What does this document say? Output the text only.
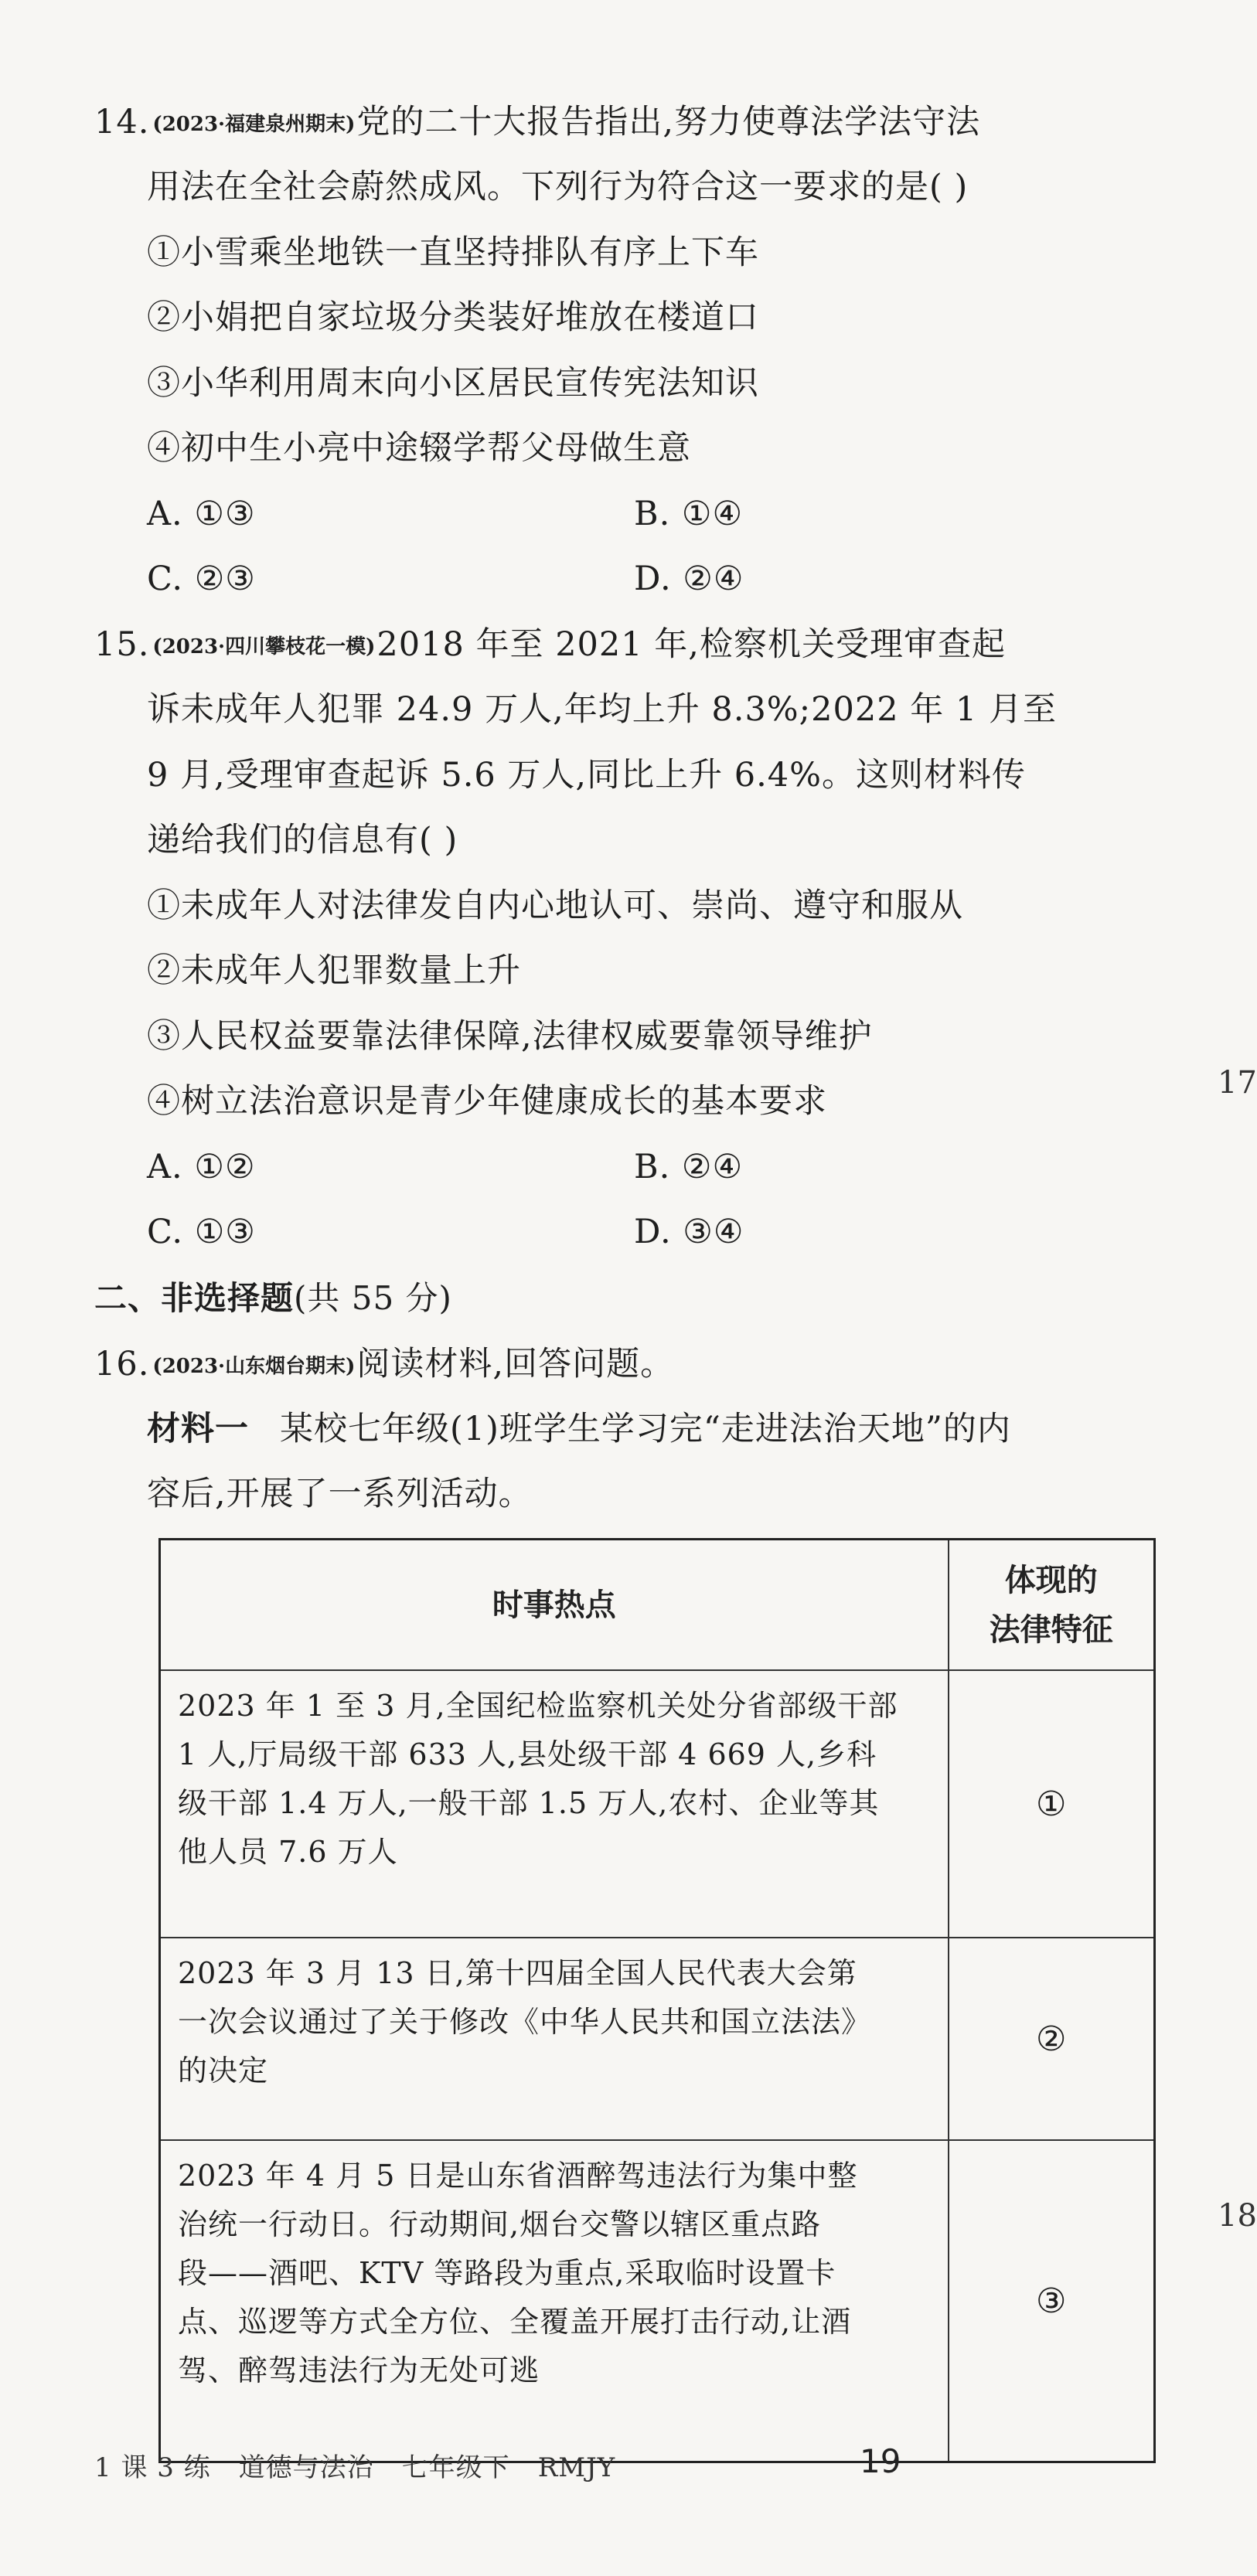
14. (2023·福建泉州期末)党的二十大报告指出,努力使尊法学法守法
用法在全社会蔚然成风。下列行为符合这一要求的是( )
①小雪乘坐地铁一直坚持排队有序上下车
②小娟把自家垃圾分类装好堆放在楼道口
③小华利用周末向小区居民宣传宪法知识
④初中生小亮中途辍学帮父母做生意
A. ①③	B. ①④
C. ②③	D. ②④
15. (2023·四川攀枝花一模)2018 年至 2021 年,检察机关受理审查起
诉未成年人犯罪 24.9 万人,年均上升 8.3%;2022 年 1 月至
9 月,受理审查起诉 5.6 万人,同比上升 6.4%。这则材料传
递给我们的信息有( )
①未成年人对法律发自内心地认可、崇尚、遵守和服从
②未成年人犯罪数量上升
③人民权益要靠法律保障,法律权威要靠领导维护
④树立法治意识是青少年健康成长的基本要求
A. ①②	B. ②④
C. ①③	D. ③④
二、非选择题(共 55 分)
16. (2023·山东烟台期末)阅读材料,回答问题。
材料一 某校七年级(1)班学生学习完“走进法治天地”的内
容后,开展了一系列活动。
时事热点	体现的
法律特征

2023 年 1 至 3 月,全国纪检监察机关处分省部级干部
1 人,厅局级干部 633 人,县处级干部 4 669 人,乡科
级干部 1.4 万人,一般干部 1.5 万人,农村、企业等其
他人员 7.6 万人	①

2023 年 3 月 13 日,第十四届全国人民代表大会第
一次会议通过了关于修改《中华人民共和国立法法》
的决定	②

2023 年 4 月 5 日是山东省酒醉驾违法行为集中整
治统一行动日。行动期间,烟台交警以辖区重点路
段——酒吧、KTV 等路段为重点,采取临时设置卡
点、巡逻等方式全方位、全覆盖开展打击行动,让酒
驾、醉驾违法行为无处可逃	③
17
18
1 课 3 练 道德与法治 七年级下 RMJY	19
